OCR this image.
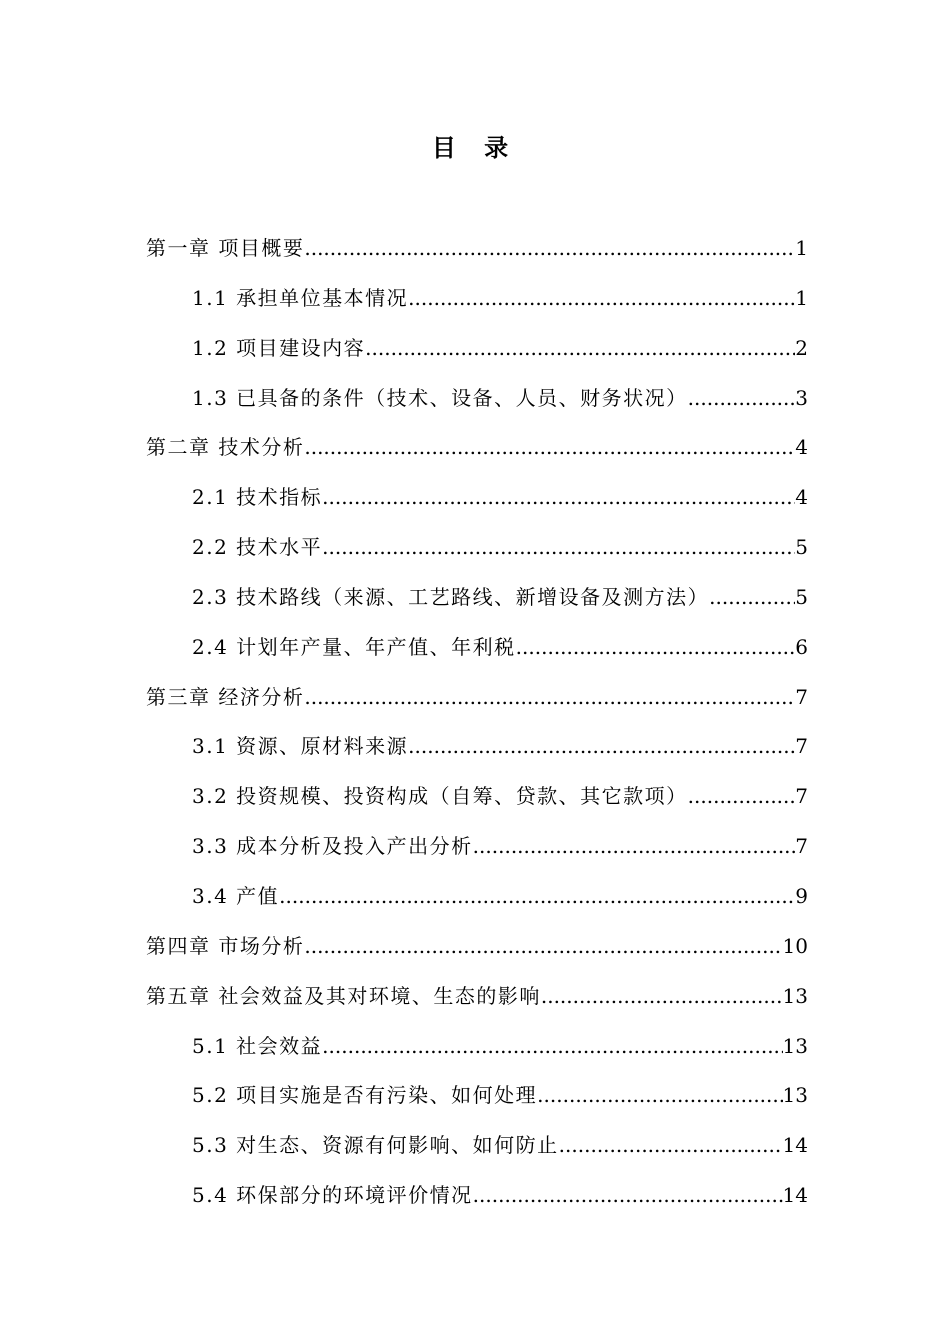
目 录
第一章 项目概要 .....	1
1.1 承担单位基本情况 .....	1
1.2 项目建设内容 .....	2
1.3 已具备的条件（技术、设备、人员、财务状况） .....	3
第二章 技术分析 .....	4
2.1 技术指标 .....	4
2.2 技术水平 .....	5
2.3 技术路线（来源、工艺路线、新增设备及测方法） .....	5
2.4 计划年产量、年产值、年利税 .....	6
第三章 经济分析 .....	7
3.1 资源、原材料来源 .....	7
3.2 投资规模、投资构成（自筹、贷款、其它款项） .....	7
3.3 成本分析及投入产出分析 .....	7
3.4 产值 .....	9
第四章 市场分析 .....	10
第五章 社会效益及其对环境、生态的影响 .....	13
5.1 社会效益 .....	13
5.2 项目实施是否有污染、如何处理 .....	13
5.3 对生态、资源有何影响、如何防止 .....	14
5.4 环保部分的环境评价情况 .....	14
